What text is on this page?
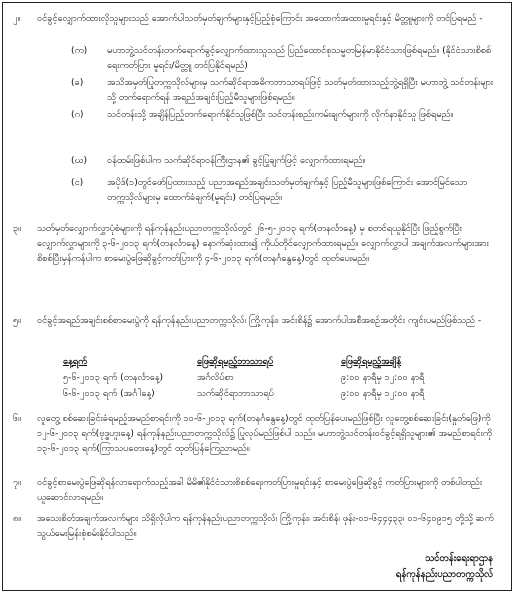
၂။ ဝင်ခွင့်လျှောက်ထားလိုသူများသည် အောက်ပါသတ်မှတ်ချက်များနှင့်ပြည့်စုံကြောင်း အထောက်အထားမူရင်းနှင့် မိတ္တူများကို တင်ပြရမည် -
(က) မဟာဘွဲ့သင်တန်းတက်ရောက်ခွင့်လျှောက်ထားသူသည် ပြည်ထောင်စုသမ္မတမြန်မာနိုင်ငံသားဖြစ်ရမည်။ (နိုင်ငံသားစိစစ်ရေးကတ်ပြား မူရင်း/မိတ္တူ တင်ပြနိုင်ရမည်)
(ခ)	အသိအမှတ်ပြုတက္ကသိုလ်များမှ သက်ဆိုင်ရာအဓိကဘာသာရပ်ဖြင့် သတ်မှတ်ထားသည့်ဘွဲ့ရရှိပြီး မဟာဘွဲ့ သင်တန်းများသို့ တက်ရောက်ရန် အရည်အချင်းပြည့်မီသူများဖြစ်ရမည်။
(ဂ)	သင်တန်းသို့ အချိန်ပြည့်တက်ရောက်နိုင်သူဖြစ်ပြီး သင်တန်းစည်းကမ်းချက်များကို လိုက်နာနိုင်သူ ဖြစ်ရမည်။
(ဃ) ဝန်ထမ်းဖြစ်ပါက သက်ဆိုင်ရာဝန်ကြီးဌာန၏ ခွင့်ပြုချက်ဖြင့် လျှောက်ထားရမည်။
(င)	အပိုဒ်(၁)တွင်ဖော်ပြထားသည့် ပညာအရည်အချင်းသတ်မှတ်ချက်နှင့် ပြည့်မီသူများဖြစ်ကြောင်း အောင်မြင်သောတက္ကသိုလ်များမှ ထောက်ခံချက်(မူရင်း) တင်ပြရမည်။
၃။ သတ်မှတ်လျှောက်လွှာပုံစံများကို ရန်ကုန်နည်းပညာတက္ကသိုလ်တွင် ၂၆-၅-၂၀၁၃ ရက်(တနင်္လာနေ့) မှ စတင်ရယူနိုင်ပြီး ဖြည့်စွက်ပြီးလျှောက်လွှာများကို ၃-၆-၂၀၁၃ ရက်(တနင်္လာနေ့) နောက်ဆုံးထား၍ ကိုယ်တိုင်လျှောက်ထားရမည်။ လျှောက်လွှာပါ အချက်အလက်များအား စိစစ်ပြီးမှန်ကန်ပါက စာမေးပွဲဖြေဆိုခွင့်ကတ်ပြားကို ၄-၆-၂၀၁၃ ရက်(တနင်္ဂနွေနေ့)တွင် ထုတ်ပေးမည်။
၅။ ဝင်ခွင့်အရည်အချင်းစစ်စာမေးပွဲကို ရန်ကုန်နည်းပညာတက္ကသိုလ်၊ ကြို့ကုန်း၊ အင်းစိန်၌ အောက်ပါအစီအစဉ်အတိုင်း ကျင်းပမည်ဖြစ်သည် -
နေ့ရက်	ဖြေဆိုရမည့်ဘာသာရပ်	ဖြေဆိုရမည့်အချိန်
၅-၆-၂၀၁၃ ရက် (တနင်္လာနေ့)	အင်္ဂလိပ်စာ	၉:၀၀ နာရီမှ ၁၂:၀၀ နာရီ
၆-၆-၂၀၁၃ ရက် (အင်္ဂါနေ့)	သက်ဆိုင်ရာဘာသာရပ်	၉:၀၀ နာရီမှ ၁၂:၀၀ နာရီ
၆။ လူတွေ့ စစ်ဆေးခြင်းခံရမည့်အမည်စာရင်းကို ၁၀-၆-၂၀၁၃ ရက်(တနင်္ဂနွေနေ့)တွင် ထုတ်ပြန်ပေးမည်ဖြစ်ပြီး လူတွေ့စစ်ဆေးခြင်း(နှုတ်ဖြေ)ကို ၁၂-၆-၂၀၁၃ ရက်(ဗုဒ္ဓဟူးနေ့) ရန်ကုန်နည်းပညာတက္ကသိုလ်၌ ပြုလုပ်မည်ဖြစ်ပါ သည်။ မဟာဘွဲ့သင်တန်းဝင်ခွင့်ရရှိသူများ၏ အမည်စာရင်းကို ၁၃-၆-၂၀၁၃ ရက်(ကြာသပတေးနေ့)တွင် ထုတ်ပြန်ကြေညာမည်။
၇။ ဝင်ခွင့်စာမေးပွဲဖြေဆိုရန်လာရောက်သည့်အခါ မိမိ၏နိုင်ငံသားစိစစ်ရေးကတ်ပြားမူရင်းနှင့် စာမေးပွဲဖြေဆိုခွင့် ကတ်ပြားများကို တစ်ပါတည်းယူဆောင်လာရမည်။
၈။ အသေးစိတ်အချက်အလက်များ သိရှိလိုပါက ရန်ကုန်နည်းပညာတက္ကသိုလ်၊ ကြို့ကုန်း၊ အင်းစိန်၊ ဖုန်း-၀၁-၆၄၄၄၃၃၊ ၀၁-၆၄၀၉၁၅ တို့သို့ ဆက်သွယ်မေးမြန်းစုံစမ်းနိုင်ပါသည်။
သင်တန်းရေးရာဌာန
ရန်ကုန်နည်းပညာတက္ကသိုလ်
